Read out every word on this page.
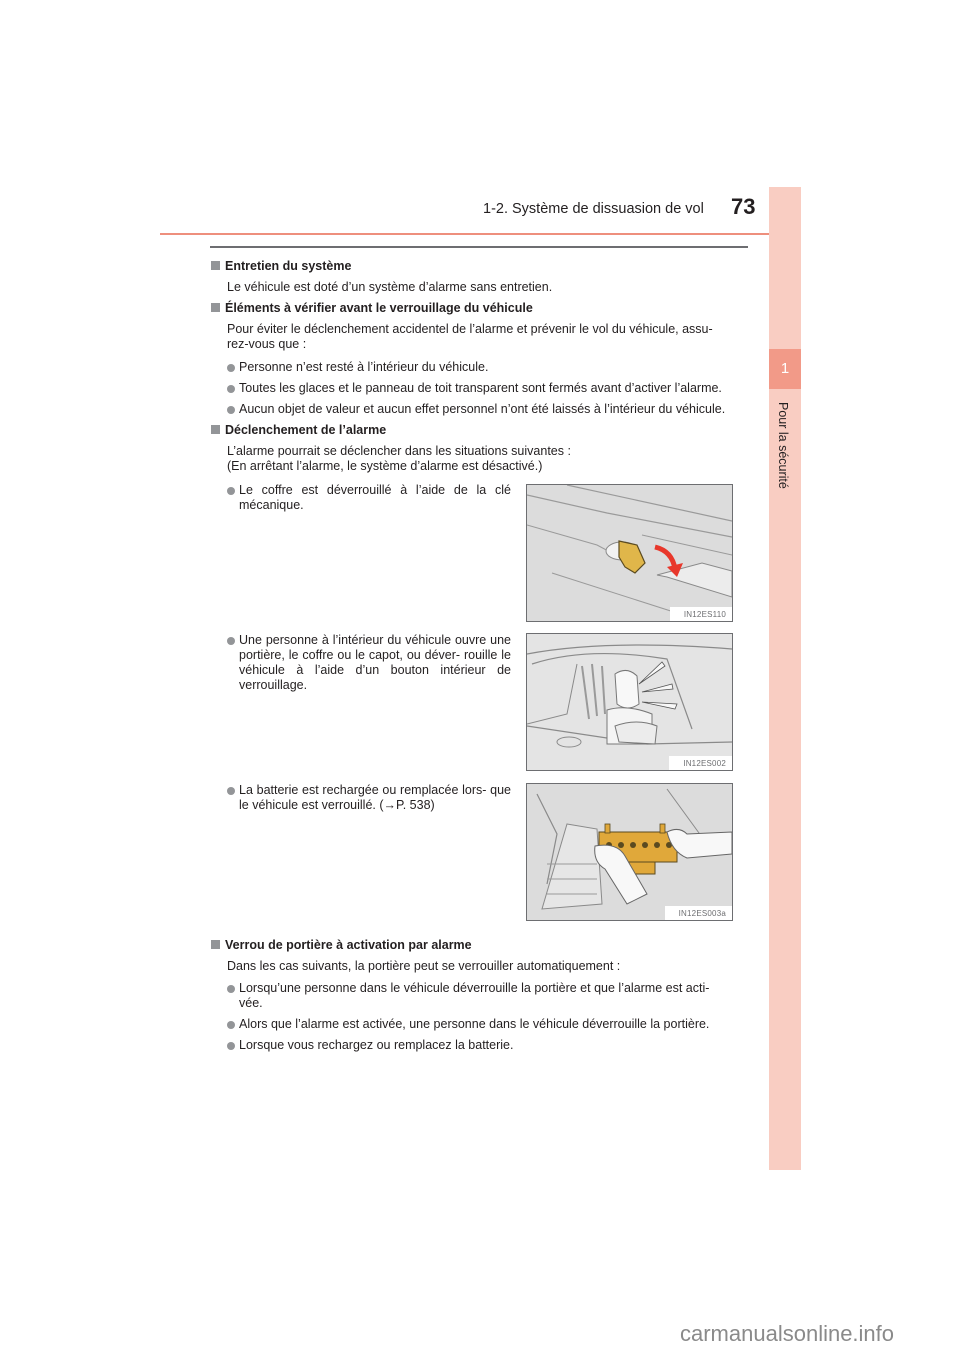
1-2. Système de dissuasion de vol 73
1
Pour la sécurité
Entretien du système
Le véhicule est doté d’un système d’alarme sans entretien.
Éléments à vérifier avant le verrouillage du véhicule
Pour éviter le déclenchement accidentel de l’alarme et prévenir le vol du véhicule, assu-
rez-vous que :
Personne n’est resté à l’intérieur du véhicule.
Toutes les glaces et le panneau de toit transparent sont fermés avant d’activer l’alarme.
Aucun objet de valeur et aucun effet personnel n’ont été laissés à l’intérieur du véhicule.
Déclenchement de l’alarme
L’alarme pourrait se déclencher dans les situations suivantes :
(En arrêtant l’alarme, le système d’alarme est désactivé.)
Le coffre est déverrouillé à l’aide de la clé mécanique.
IN12ES110
Une personne à l’intérieur du véhicule ouvre une portière, le coffre ou le capot, ou déver- rouille le véhicule à l’aide d’un bouton intérieur de verrouillage.
IN12ES002
La batterie est rechargée ou remplacée lors- que le véhicule est verrouillé. (→P. 538)
IN12ES003a
Verrou de portière à activation par alarme
Dans les cas suivants, la portière peut se verrouiller automatiquement :
Lorsqu’une personne dans le véhicule déverrouille la portière et que l’alarme est acti-
vée.
Alors que l’alarme est activée, une personne dans le véhicule déverrouille la portière.
Lorsque vous rechargez ou remplacez la batterie.
carmanualsonline.info
